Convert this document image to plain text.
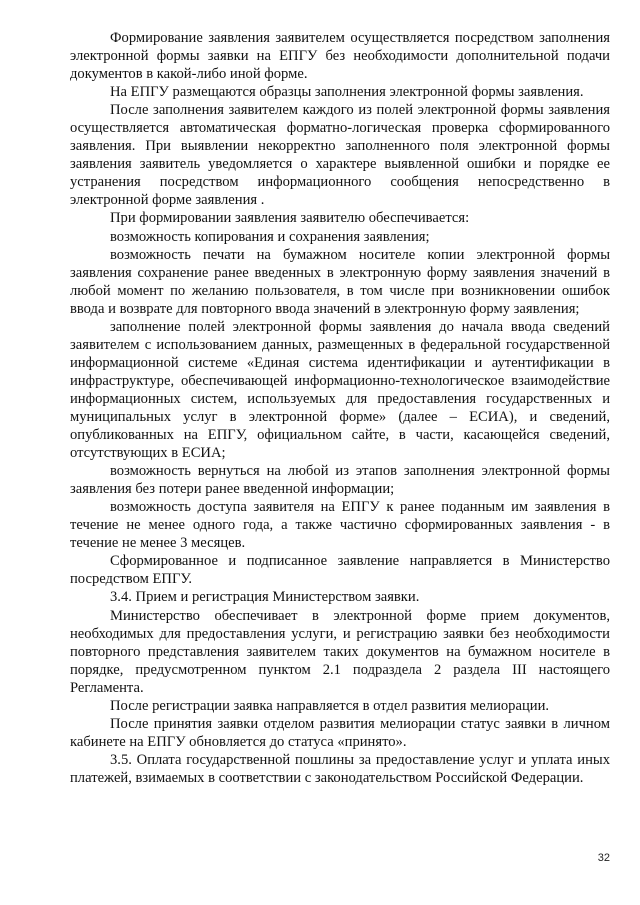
Формирование заявления заявителем осуществляется посредством заполнения электронной формы заявки на ЕПГУ без необходимости дополнительной подачи документов в какой-либо иной форме.

На ЕПГУ размещаются образцы заполнения электронной формы заявления.

После заполнения заявителем каждого из полей электронной формы заявления осуществляется автоматическая форматно-логическая проверка сформированного заявления. При выявлении некорректно заполненного поля электронной формы заявления заявитель уведомляется о характере выявленной ошибки и порядке ее устранения посредством информационного сообщения непосредственно в электронной форме заявления .

При формировании заявления заявителю обеспечивается:

возможность копирования и сохранения заявления;

возможность печати на бумажном носителе копии электронной формы заявления сохранение ранее введенных в электронную форму заявления значений в любой момент по желанию пользователя, в том числе при возникновении ошибок ввода и возврате для повторного ввода значений в электронную форму заявления;

заполнение полей электронной формы заявления до начала ввода сведений заявителем с использованием данных, размещенных в федеральной государственной информационной системе «Единая система идентификации и аутентификации в инфраструктуре, обеспечивающей информационно-технологическое взаимодействие информационных систем, используемых для предоставления государственных и муниципальных услуг в электронной форме» (далее – ЕСИА), и сведений, опубликованных на ЕПГУ, официальном сайте, в части, касающейся сведений, отсутствующих в ЕСИА;

возможность вернуться на любой из этапов заполнения электронной формы заявления без потери ранее введенной информации;

возможность доступа заявителя на ЕПГУ к ранее поданным им заявления в течение не менее одного года, а также частично сформированных заявления - в течение не менее 3 месяцев.

Сформированное и подписанное заявление направляется в Министерство посредством ЕПГУ.

3.4. Прием и регистрация Министерством заявки.

Министерство обеспечивает в электронной форме прием документов, необходимых для предоставления услуги, и регистрацию заявки без необходимости повторного представления заявителем таких документов на бумажном носителе в порядке, предусмотренном пунктом 2.1 подраздела 2 раздела III настоящего Регламента.

После регистрации заявка направляется в отдел развития мелиорации.

После принятия заявки отделом развития мелиорации статус заявки в личном кабинете на ЕПГУ обновляется до статуса «принято».

3.5. Оплата государственной пошлины за предоставление услуг и уплата иных платежей, взимаемых в соответствии с законодательством Российской Федерации.

32
